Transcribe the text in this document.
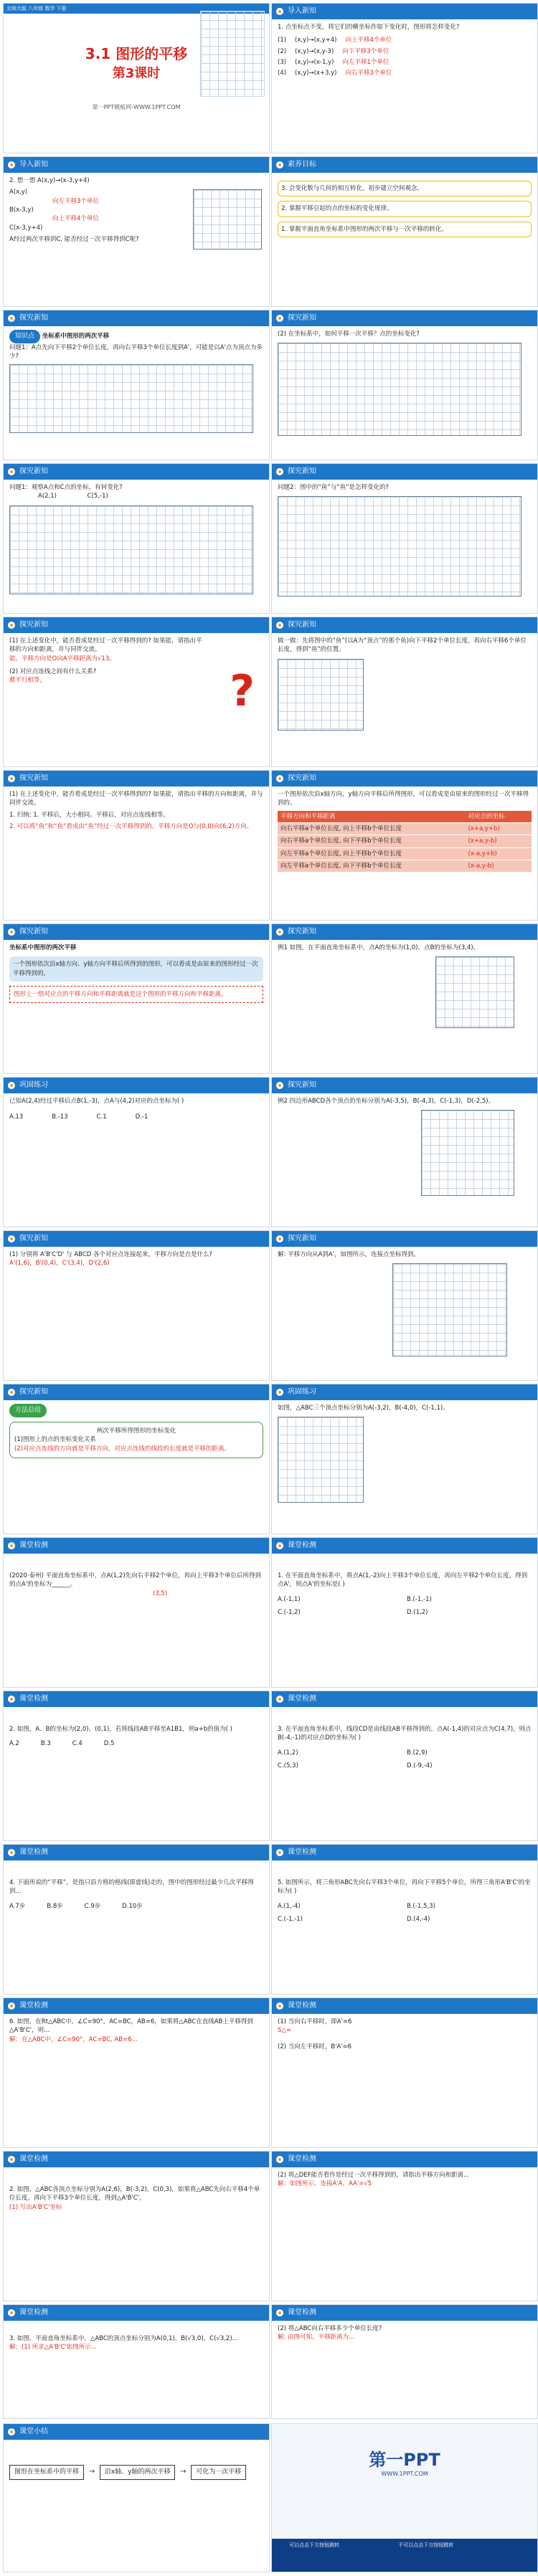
北师大版 八年级 数学 下册
3.1 图形的平移
第3课时
第一PPT模板网-WWW.1PPT.COM
导入新知
1. 点坐标点不变，将它们的横坐标作如下变化时，图形将怎样变化?
(1) (x,y)→(x,y+4) 向上平移4个单位
(2) (x,y)→(x,y-3) 向下平移3个单位
(3) (x,y)→(x-1,y) 向左平移1个单位
(4) (x,y)→(x+3,y) 向右平移3个单位
导入新知
2. 想一想 A(x,y)→(x-3,y+4)
A(x,y)
向左平移3个单位
B(x-3,y)
向上平移4个单位
C(x-3,y+4)
A经过两次平移到C, 能否经过一次平移得到C呢?
素养目标
3. 会变化数与几何的相互转化，初步建立空间观念。
2. 掌握平移引起的点的坐标的变化规律。
1. 掌握平面直角坐标系中图形的两次平移与一次平移的转化。
探究新知
知识点 坐标系中图形的两次平移
问题1：A点先向下平移2个单位长度，再向右平移3个单位长度到A'，可能是以A'点为顶点为多少?
探究新知
(2) 在坐标系中，如何平移一次平移？点的坐标变化?
探究新知
问题1：观察A点和C点的坐标，有何变化?
A(2,1)	C(5,-1)
探究新知
问题2：图中的“鱼”与“鱼”是怎样变化的?
探究新知
(1) 在上述变化中，能否看成是经过一次平移得到的? 如果能，请指出平移的方向和距离，并与同伴交流。
能，平移方向是O向A平移距离为√13。
(2) 对应点连线之间有什么关系?
都平行相等。	?
探究新知
做一做：先将图中的“鱼”(以A为“顶点”的那个鱼)向下平移2个单位长度，再向右平移6个单位长度，得到“鱼”的位置。
探究新知
(1) 在上述变化中，能否看成是经过一次平移得到的? 如果能，请指出平移的方向和距离，并与同伴交流。
1. 归纳: 1. 平移后，大小相同。平移后，对应点连线相等。
2. 可以将“鱼”和“鱼”看成由“鱼”经过一次平移得到的。平移方向是O与(0,0)向(6,2)方向。
探究新知
一个图形依次沿x轴方向，y轴方向平移后所得图形，可以看成是由原来的图形经过一次平移得到的。
平移方向和平移距离	对应点的坐标
向右平移a个单位长度, 向上平移b个单位长度	(x+a,y+b)
向右平移a个单位长度, 向下平移b个单位长度	(x+a,y-b)
向左平移a个单位长度, 向上平移b个单位长度	(x-a,y+b)
向左平移a个单位长度, 向下平移b个单位长度	(x-a,y-b)
探究新知
坐标系中图形的两次平移
一个图形依次沿x轴方向、y轴方向平移后所得到的图形，可以看成是由原来的图形经过一次平移得到的。
图形上一组对应点的平移方向和平移距离就是这个图形的平移方向和平移距离。
探究新知
例1 如图，在平面直角坐标系中，点A的坐标为(1,0)，点B的坐标为(3,4)。
巩固练习
已知A(2,4)经过平移后点B(1,-3)，点A与(4,2)对应的点坐标为( )
A.13	B.-13	C.1	D.-1
探究新知
例2 四边形ABCD各个顶点的坐标分别为A(-3,5)，B(-4,3)，C(-1,3)，D(-2,5)。
探究新知
(1) 分别将 A'B'C'D' 与 ABCD 各个对应点连接起来，平移方向是点是什么?
A'(1,6)，B'(0,4)，C'(3,4)，D'(2,6)
探究新知
解: 平移方向从A到A'，如图所示，连接点坐标得到。
探究新知
方法总结
两次平移所得图形的坐标变化
(1)图形上的点的坐标变化关系
(2)对应点连线的方向就是平移方向，对应点连线的线段的长度就是平移的距离。
巩固练习
如图，△ABC三个顶点坐标分别为A(-3,2)，B(-4,0)，C(-1,1)。
课堂检测
(2020·泰州) 平面直角坐标系中，点A(1,2)先向右平移2个单位，再向上平移3个单位后所得到的点A'的坐标为______。
(3,5)
课堂检测
1. 在平面直角坐标系中，将点A(1,-2)向上平移3个单位长度，再向左平移2个单位长度，得到点A'，则点A'的坐标是( )
A.(-1,1)	B.(-1,-1)
C.(-1,2)	D.(1,2)
课堂检测
2. 如图，A、B的坐标为(2,0)、(0,1)，若将线段AB平移至A1B1，则a+b的值为( )
A.2	B.3	C.4	D.5
课堂检测
3. 在平面直角坐标系中，线段CD是由线段AB平移得到的，点A(-1,4)的对应点为C(4,7)，则点B(-4,-1)的对应点D的坐标为( )
A.(1,2)	B.(2,9)
C.(5,3)	D.(-9,-4)
课堂检测
4. 下面所说的“平移”，是指只沿方格的格线(即虚线)走的，图中的图形经过最少几次平移得到...
A.7步	B.8步	C.9步	D.10步
课堂检测
5. 如图所示，将三角形ABC先向右平移3个单位，再向下平移5个单位，所得三角形A'B'C'的坐标为( )
A.(1,-4)	B.(-1,5,3)
C.(-1,-1)	D.(4,-4)
课堂检测
6. 如图，在Rt△ABC中，∠C=90°，AC=BC，AB=6，如果将△ABC在直线AB上平移得到△A'B'C'，则...
解：在△ABC中，∠C=90°，AC=BC, AB=6...
课堂检测
(1) 当向右平移时，即A'=6
S△=
(2) 当向左平移时，B'A'=6
课堂检测
2. 如图，△ABC各顶点坐标分别为A(2,6)，B(-3,2)，C(0,3)，如果将△ABC先向右平移4个单位长度，再向下平移3个单位长度，得到△A'B'C'。
(1) 写出A'B'C'坐标
课堂检测
(2) 将△DEF能否看作是经过一次平移得到的，请指出平移方向和距离...
解：如图所示，连接A'A，AA'=√5
课堂检测
3. 如图，平面直角坐标系中，△ABC的顶点坐标分别为A(0,1)，B(√3,0)，C(√3,2)...
解：(1) 所求△A'B'C'如图所示...
课堂检测
(2) 将△ABC向右平移多少个单位长度?
解: 由图可知，平移距离为...
课堂小结
图形在坐标系中的平移 → 沿x轴、y轴的两次平移 → 可化为一次平移
第一PPT
WWW.1PPT.COM
可以点击下方按钮跳转	不可以点击下方按钮跳转
